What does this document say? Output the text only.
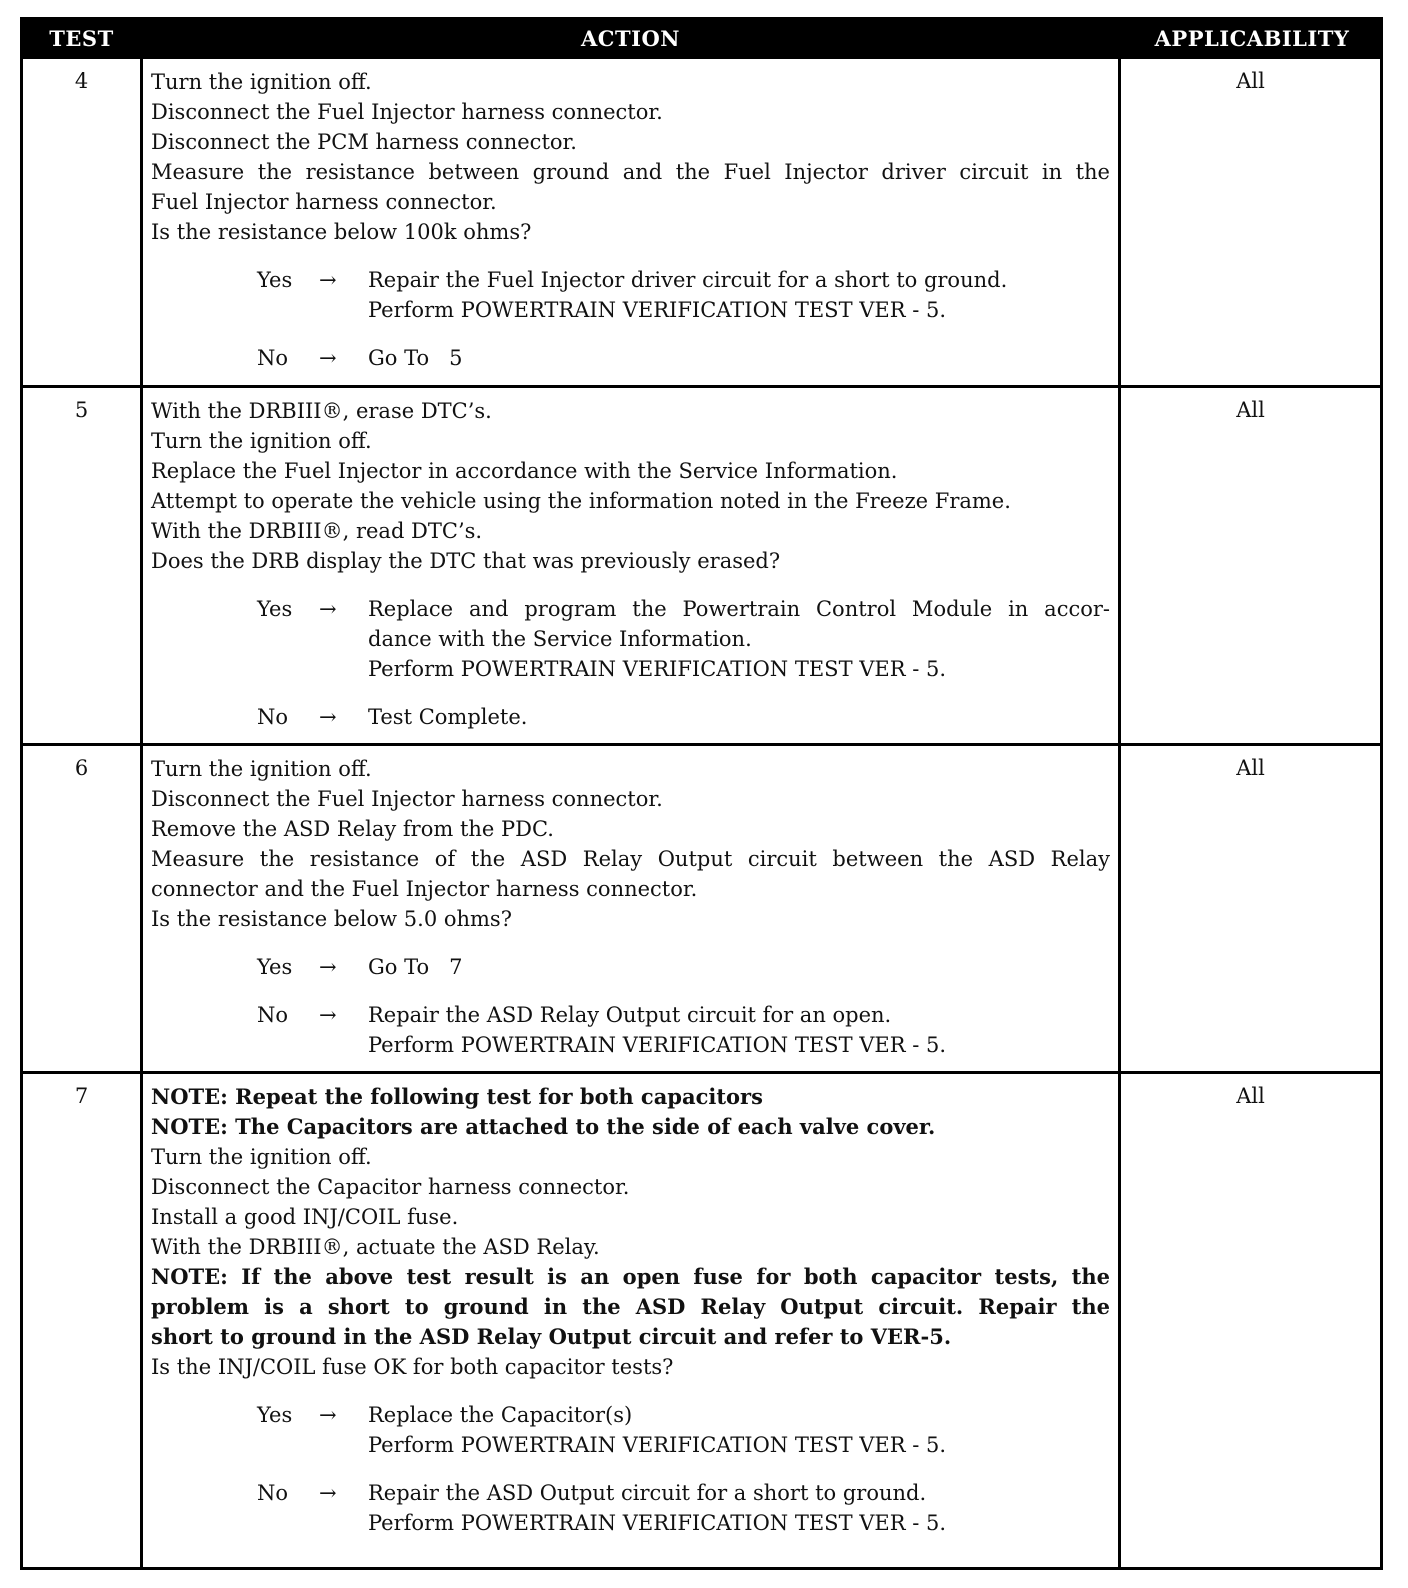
TEST	ACTION	APPLICABILITY
4	Turn the ignition off.
Disconnect the Fuel Injector harness connector.
Disconnect the PCM harness connector.
Measure the resistance between ground and the Fuel Injector driver circuit in the
Fuel Injector harness connector.
Is the resistance below 100k ohms?
Yes → Repair the Fuel Injector driver circuit for a short to ground.
Perform POWERTRAIN VERIFICATION TEST VER - 5.
No → Go To   5
All
5	With the DRBIII®, erase DTC’s.
Turn the ignition off.
Replace the Fuel Injector in accordance with the Service Information.
Attempt to operate the vehicle using the information noted in the Freeze Frame.
With the DRBIII®, read DTC’s.
Does the DRB display the DTC that was previously erased?
Yes → Replace and program the Powertrain Control Module in accor-
dance with the Service Information.
Perform POWERTRAIN VERIFICATION TEST VER - 5.
No → Test Complete.
All
6	Turn the ignition off.
Disconnect the Fuel Injector harness connector.
Remove the ASD Relay from the PDC.
Measure the resistance of the ASD Relay Output circuit between the ASD Relay
connector and the Fuel Injector harness connector.
Is the resistance below 5.0 ohms?
Yes → Go To   7
No → Repair the ASD Relay Output circuit for an open.
Perform POWERTRAIN VERIFICATION TEST VER - 5.
All
7	NOTE: Repeat the following test for both capacitors
NOTE: The Capacitors are attached to the side of each valve cover.
Turn the ignition off.
Disconnect the Capacitor harness connector.
Install a good INJ/COIL fuse.
With the DRBIII®, actuate the ASD Relay.
NOTE: If the above test result is an open fuse for both capacitor tests, the
problem is a short to ground in the ASD Relay Output circuit. Repair the
short to ground in the ASD Relay Output circuit and refer to VER-5.
Is the INJ/COIL fuse OK for both capacitor tests?
Yes → Replace the Capacitor(s)
Perform POWERTRAIN VERIFICATION TEST VER - 5.
No → Repair the ASD Output circuit for a short to ground.
Perform POWERTRAIN VERIFICATION TEST VER - 5.
All
